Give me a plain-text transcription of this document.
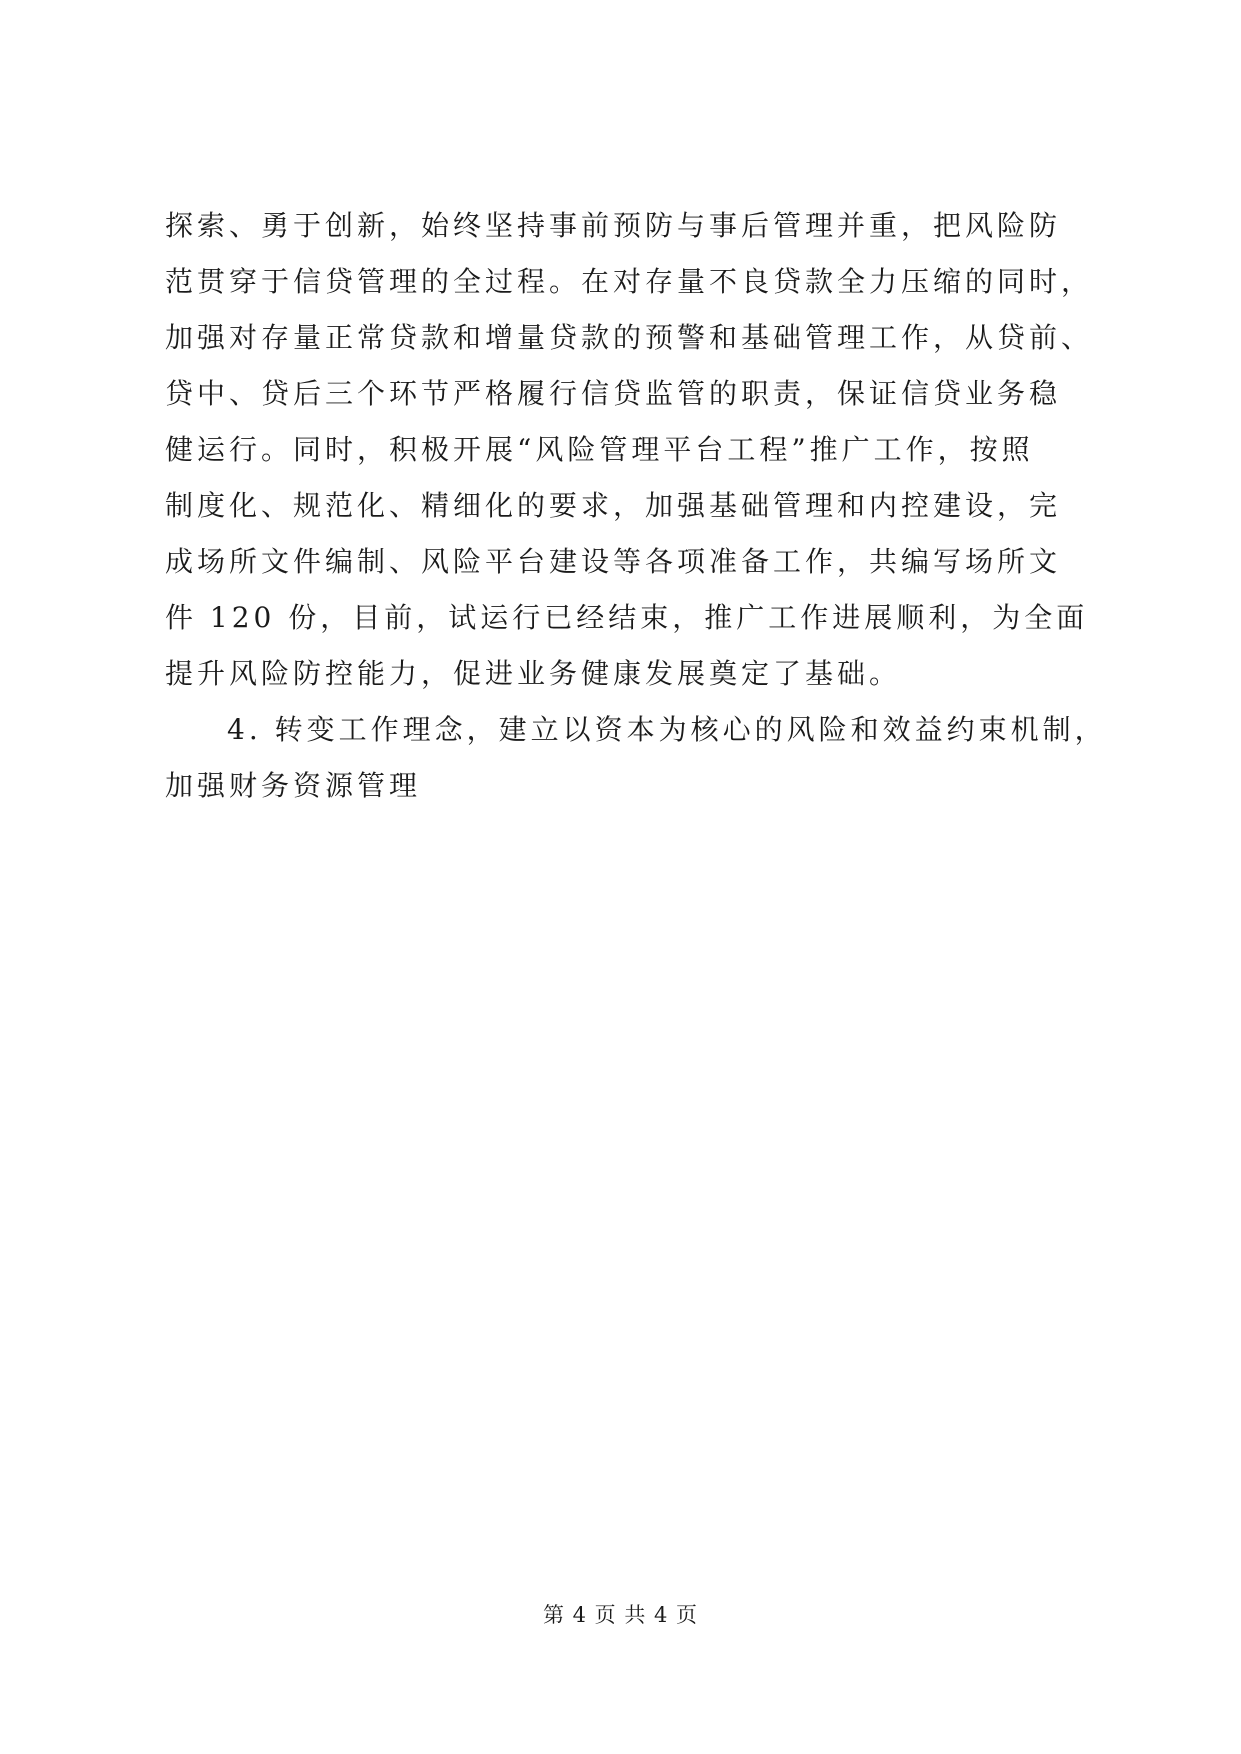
探索、勇于创新，始终坚持事前预防与事后管理并重，把风险防
范贯穿于信贷管理的全过程。在对存量不良贷款全力压缩的同时，
加强对存量正常贷款和增量贷款的预警和基础管理工作，从贷前、
贷中、贷后三个环节严格履行信贷监管的职责，保证信贷业务稳
健运行。同时，积极开展“风险管理平台工程”推广工作，按照
制度化、规范化、精细化的要求，加强基础管理和内控建设，完
成场所文件编制、风险平台建设等各项准备工作，共编写场所文
件 120 份，目前，试运行已经结束，推广工作进展顺利，为全面
提升风险防控能力，促进业务健康发展奠定了基础。
4. 转变工作理念，建立以资本为核心的风险和效益约束机制，
加强财务资源管理
第 4 页 共 4 页
